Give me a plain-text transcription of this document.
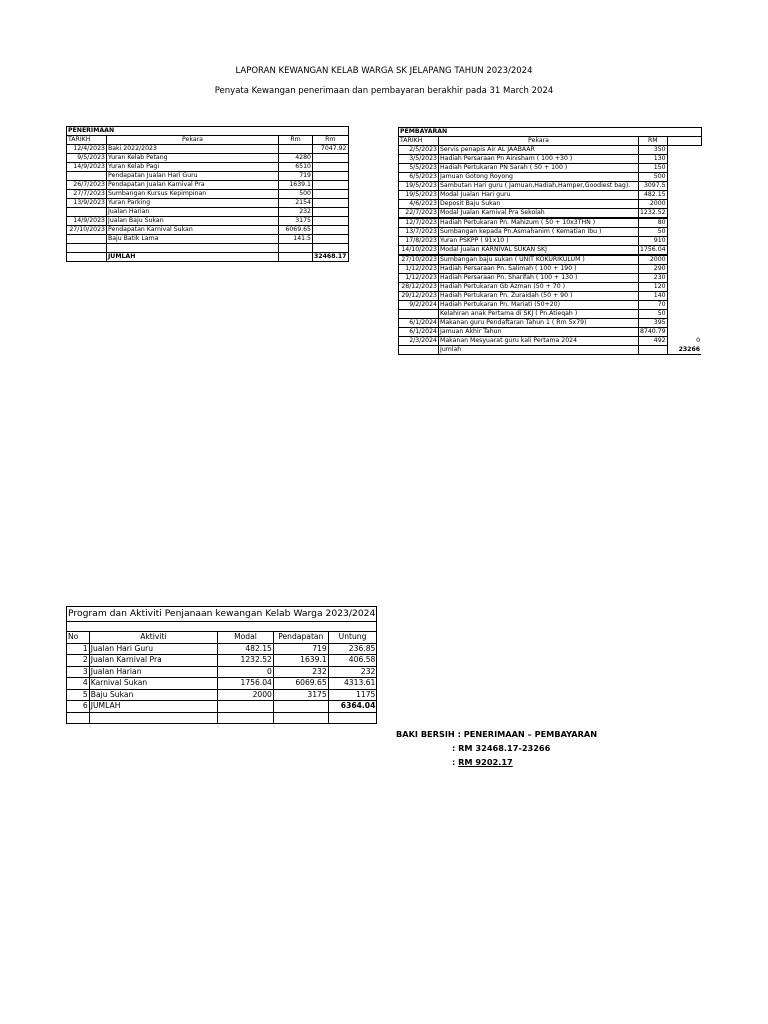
LAPORAN KEWANGAN KELAB WARGA SK JELAPANG TAHUN 2023/2024
Penyata Kewangan penerimaan dan pembayaran berakhir pada 31 March 2024
PENERIMAAN			
TARIKH	Pekara	Rm	Rm
12/4/2023	Baki 2022/2023		7047.92
9/5/2023	Yuran Kelab Petang	4280	
14/9/2023	Yuran Kelab Pagi	6510	
	Pendapatan Jualan Hari Guru	719	
26/7/2023	Pendapatan Jualan Karnival Pra	1639.1	
27/7/2023	Sumbangan Kursus Kepimpinan	500	
13/9/2023	Yuran Parking	2154	
	Jualan Harian	232	
14/9/2023	Jualan Baju Sukan	3175	
27/10/2023	Pendapatan Karnival Sukan	6069.65	
	Baju Batik Lama	141.5	

	JUMLAH		32468.17
PEMBAYARAN			
TARIKH	Pekara	RM	
2/5/2023	Servis penapis Air AL JAABAAR	350	
3/5/2023	Hadiah Persaraan Pn Ainisham ( 100 +30 )	130	
5/5/2023	Hadiah Pertukaran PN Sarah ( 50 + 100 )	150	
6/5/2023	Jamuan Gotong Royong	500	
19/5/2023	Sambutan Hari guru ( Jamuan,Hadiah,Hamper,Goodiest bag).	3097.5	
19/5/2023	Modal Jualan Hari guru	482.15	
4/6/2023	Deposit Baju Sukan	2000	
22/7/2023	Modal Jualan Karnival Pra Sekolah	1232.52	
12/7/2023	Hadiah Pertukaran Pn. Mahizum ( 50 + 10x3THN )	80	
13/7/2023	Sumbangan kepada Pn.Asmahanim ( Kematian Ibu )	50	
17/8/2023	Yuran PSKPP ( 91x10 )	910	
14/10/2023	Modal Jualan KARNIVAL SUKAN SKJ	1756.04	
27/10/2023	Sumbangan baju sukan ( UNIT KOKURIKULUM )	2000	
1/12/2023	Hadiah Persaraan Pn. Salimah ( 100 + 190 )	290	
1/12/2023	Hadiah Persaraan Pn. Sharifah ( 100 + 130 )	230	
28/12/2023	Hadiah Pertukaran Gb Azman (50 + 70 )	120	
29/12/2023	Hadiah Pertukaran Pn. Zuraidah (50 + 90 )	140	
9/2/2024	Hadiah Pertukaran Pn. Mariati (50+20)	70	
	Kelahiran anak Pertama di SKJ ( Pn.Atieqah )	50	
6/1/2024	Makanan guru Pendaftaran Tahun 1 ( Rm 5x79)	395	
6/1/2024	Jamuan Akhir Tahun	8740.79	
2/3/2024	Makanan Mesyuarat guru kali Pertama 2024	492	0
	Jumlah		23266
Program dan Aktiviti Penjanaan kewangan Kelab Warga 2023/2024				

No	Aktiviti	Modal	Pendapatan	Untung
1	Jualan Hari Guru	482.15	719	236.85
2	Jualan Karnival Pra	1232.52	1639.1	406.58
3	Jualan Harian	0	232	232
4	Karnival Sukan	1756.04	6069.65	4313.61
5	Baju Sukan	2000	3175	1175
6	JUMLAH			6364.04

BAKI BERSIH : PENERIMAAN – PEMBAYARAN
: RM 32468.17-23266
: RM 9202.17
